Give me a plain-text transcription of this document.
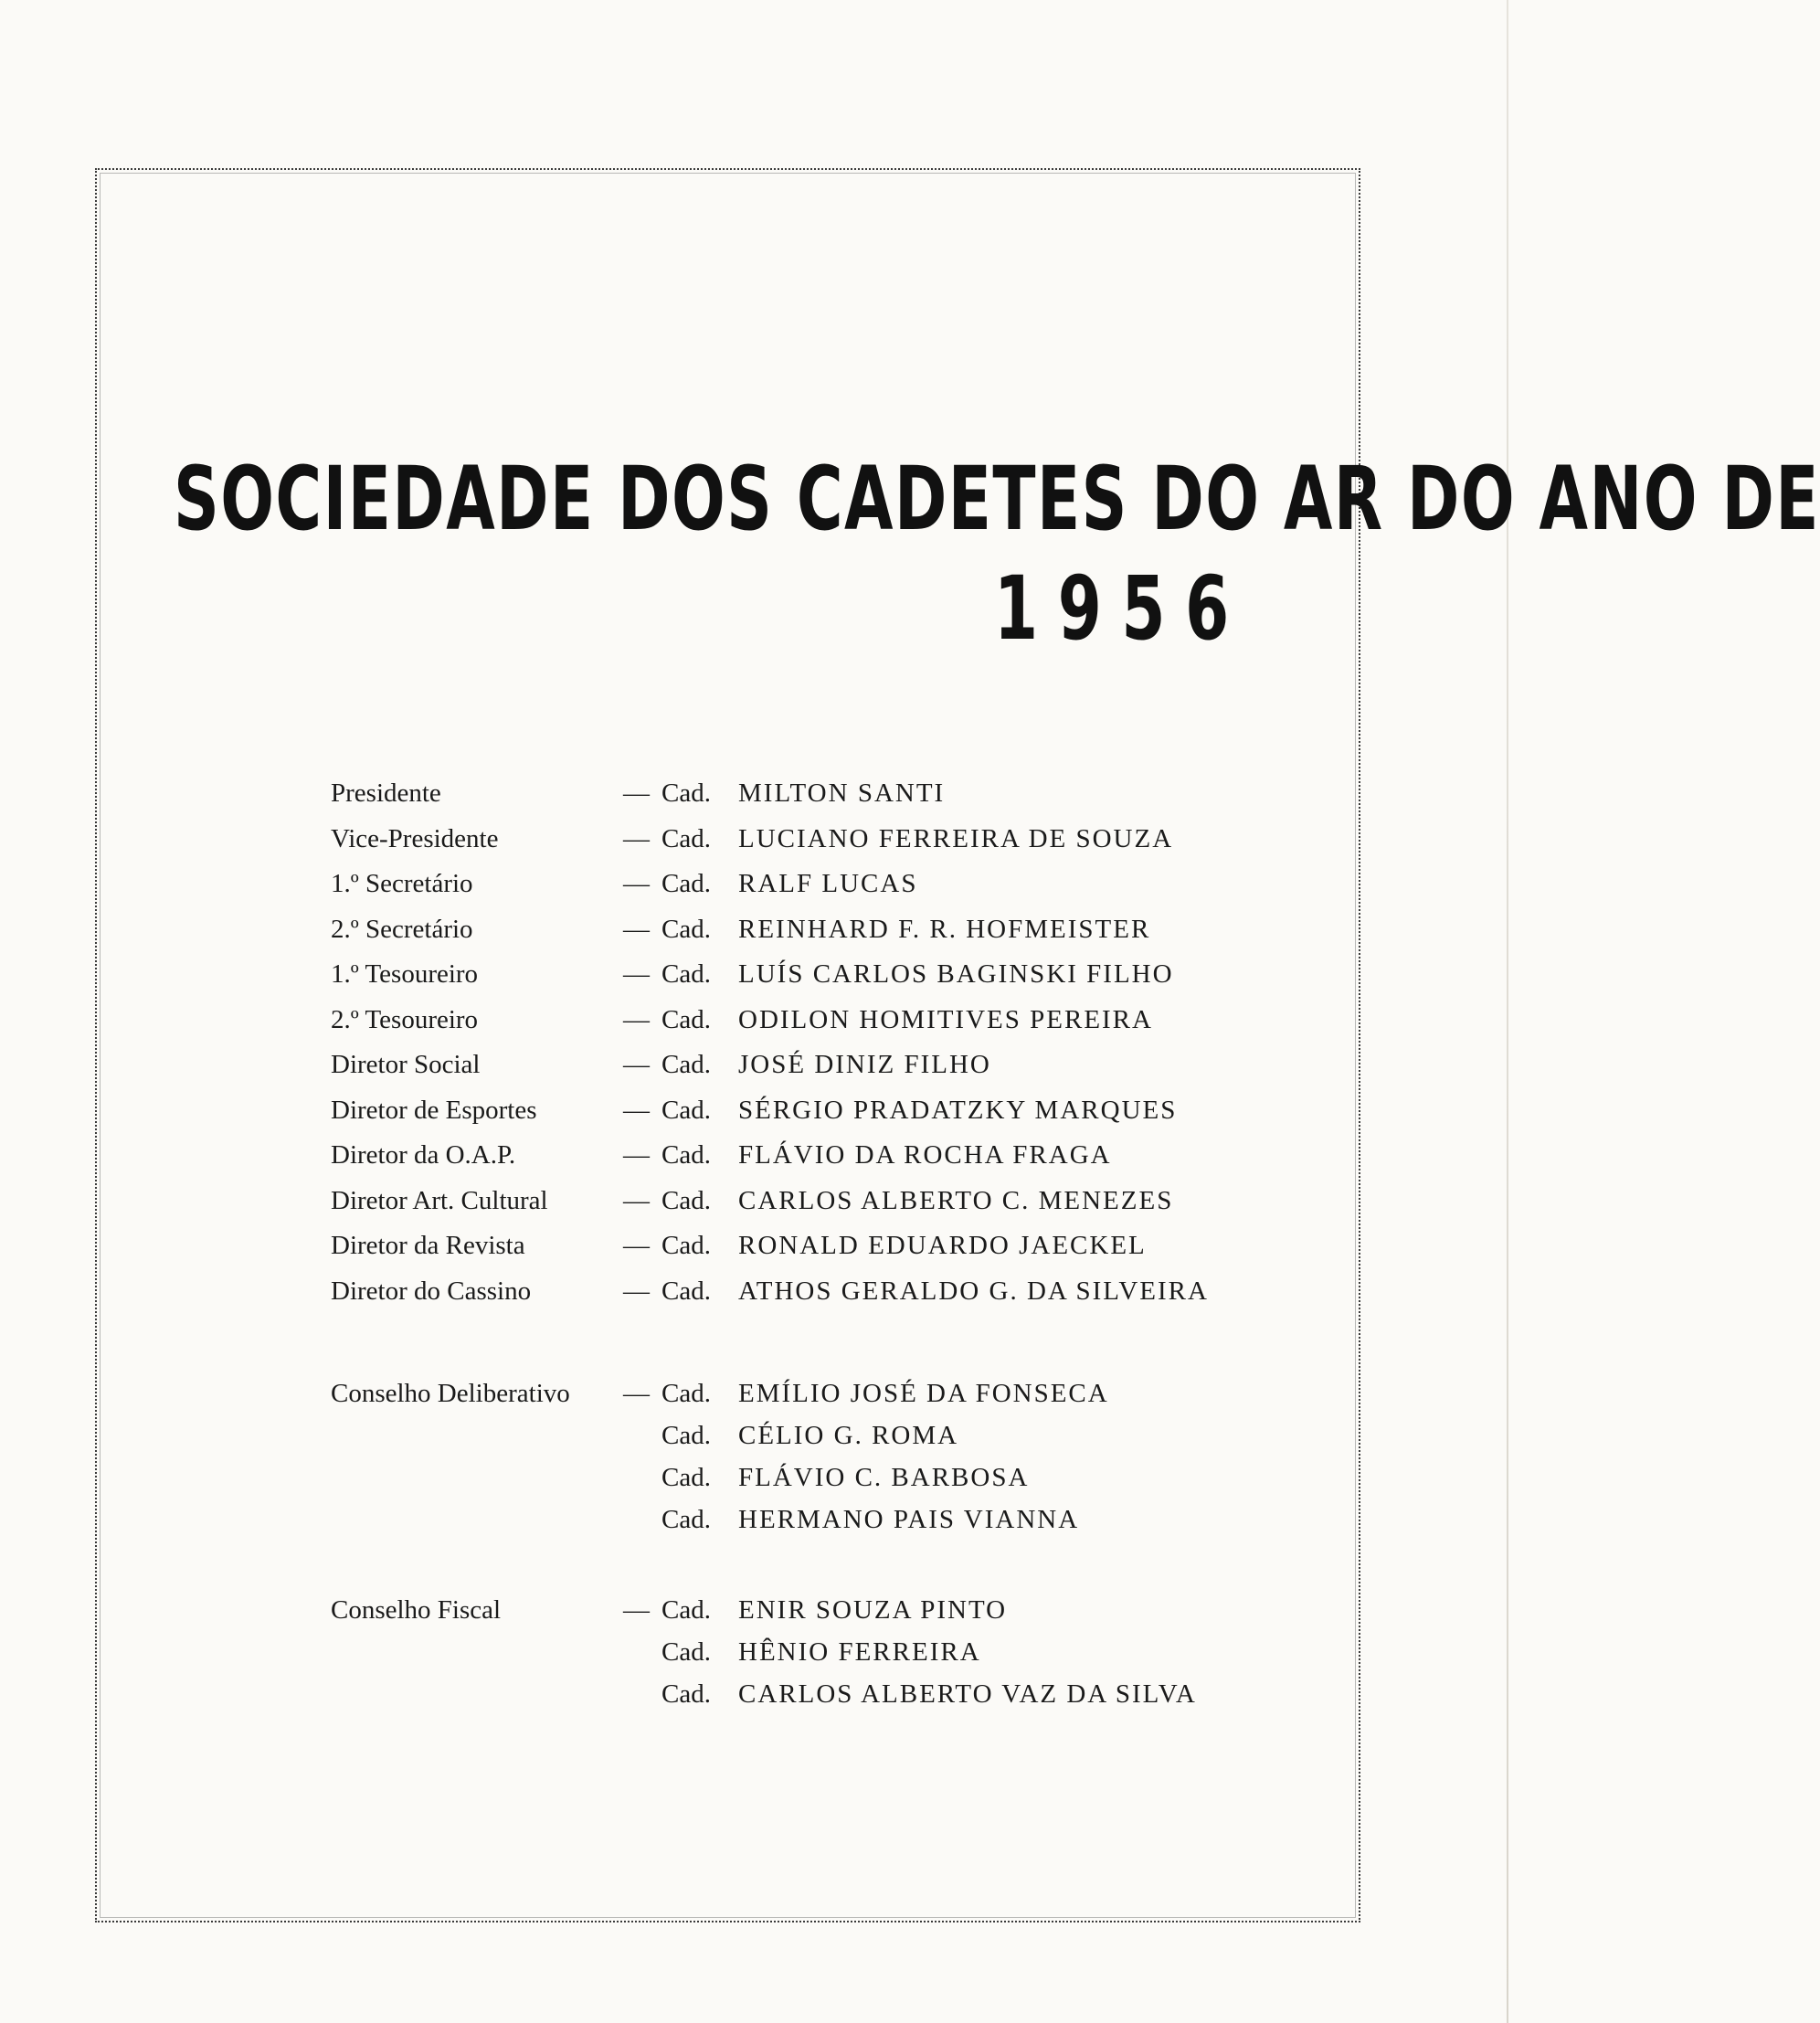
SOCIEDADE DOS CADETES DO AR DO ANO DE
1956
Presidente	— Cad. MILTON SANTI
Vice-Presidente	— Cad. LUCIANO FERREIRA DE SOUZA
1.º Secretário	— Cad. RALF LUCAS
2.º Secretário	— Cad. REINHARD F. R. HOFMEISTER
1.º Tesoureiro	— Cad. LUÍS CARLOS BAGINSKI FILHO
2.º Tesoureiro	— Cad. ODILON HOMITIVES PEREIRA
Diretor Social	— Cad. JOSÉ DINIZ FILHO
Diretor de Esportes	— Cad. SÉRGIO PRADATZKY MARQUES
Diretor da O.A.P.	— Cad. FLÁVIO DA ROCHA FRAGA
Diretor Art. Cultural	— Cad. CARLOS ALBERTO C. MENEZES
Diretor da Revista	— Cad. RONALD EDUARDO JAECKEL
Diretor do Cassino	— Cad. ATHOS GERALDO G. DA SILVEIRA
Conselho Deliberativo — Cad. EMÍLIO JOSÉ DA FONSECA
Cad. CÉLIO G. ROMA
Cad. FLÁVIO C. BARBOSA
Cad. HERMANO PAIS VIANNA
Conselho Fiscal	— Cad. ENIR SOUZA PINTO
Cad. HÊNIO FERREIRA
Cad. CARLOS ALBERTO VAZ DA SILVA
